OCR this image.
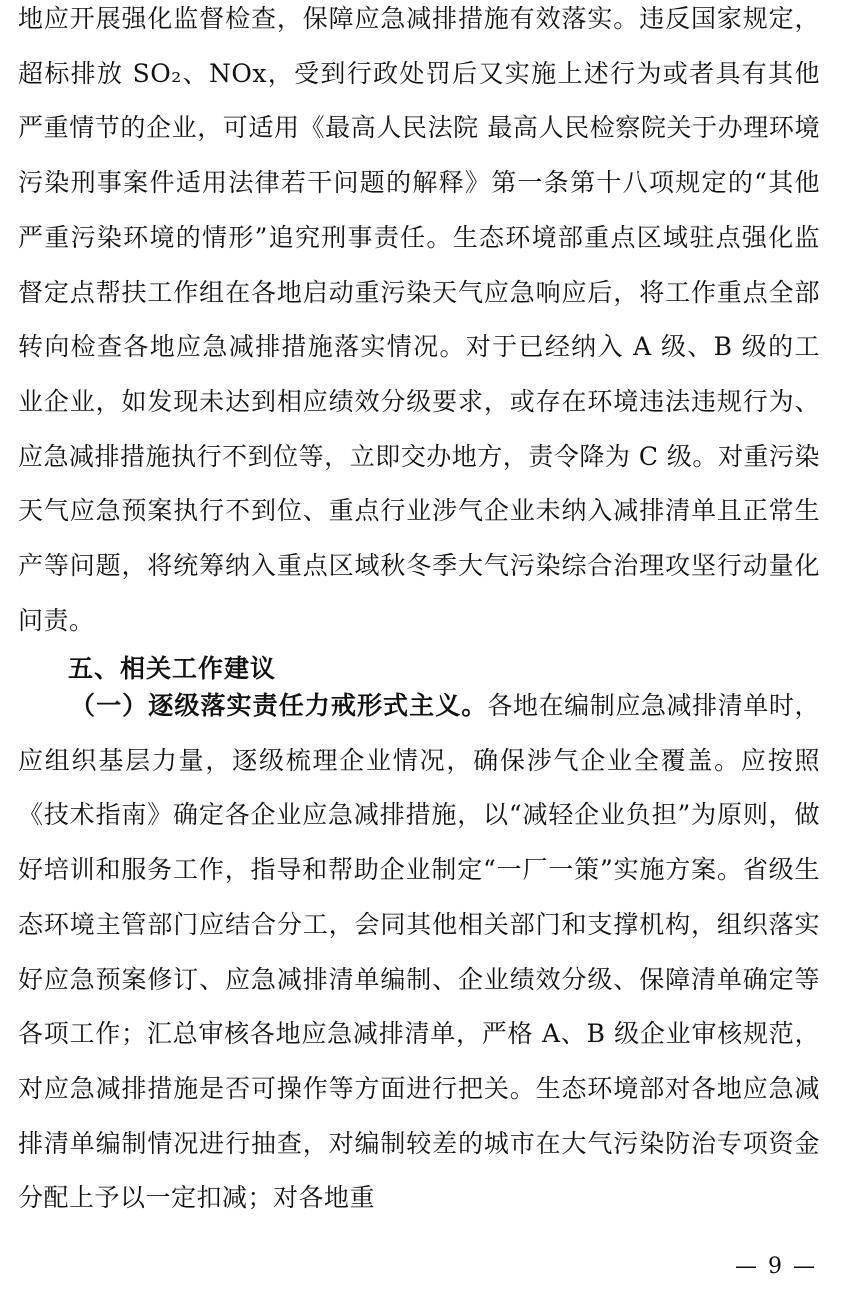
地应开展强化监督检查，保障应急减排措施有效落实。违反国家规定，超标排放 SO₂、NOx，受到行政处罚后又实施上述行为或者具有其他严重情节的企业，可适用《最高人民法院 最高人民检察院关于办理环境污染刑事案件适用法律若干问题的解释》第一条第十八项规定的“其他严重污染环境的情形”追究刑事责任。生态环境部重点区域驻点强化监督定点帮扶工作组在各地启动重污染天气应急响应后，将工作重点全部转向检查各地应急减排措施落实情况。对于已经纳入 A 级、B 级的工业企业，如发现未达到相应绩效分级要求，或存在环境违法违规行为、应急减排措施执行不到位等，立即交办地方，责令降为 C 级。对重污染天气应急预案执行不到位、重点行业涉气企业未纳入减排清单且正常生产等问题，将统筹纳入重点区域秋冬季大气污染综合治理攻坚行动量化问责。
五、相关工作建议
（一）逐级落实责任力戒形式主义。各地在编制应急减排清单时，应组织基层力量，逐级梳理企业情况，确保涉气企业全覆盖。应按照《技术指南》确定各企业应急减排措施，以“减轻企业负担”为原则，做好培训和服务工作，指导和帮助企业制定“一厂一策”实施方案。省级生态环境主管部门应结合分工，会同其他相关部门和支撑机构，组织落实好应急预案修订、应急减排清单编制、企业绩效分级、保障清单确定等各项工作；汇总审核各地应急减排清单，严格 A、B 级企业审核规范，对应急减排措施是否可操作等方面进行把关。生态环境部对各地应急减排清单编制情况进行抽查，对编制较差的城市在大气污染防治专项资金分配上予以一定扣减；对各地重
— 9 —
